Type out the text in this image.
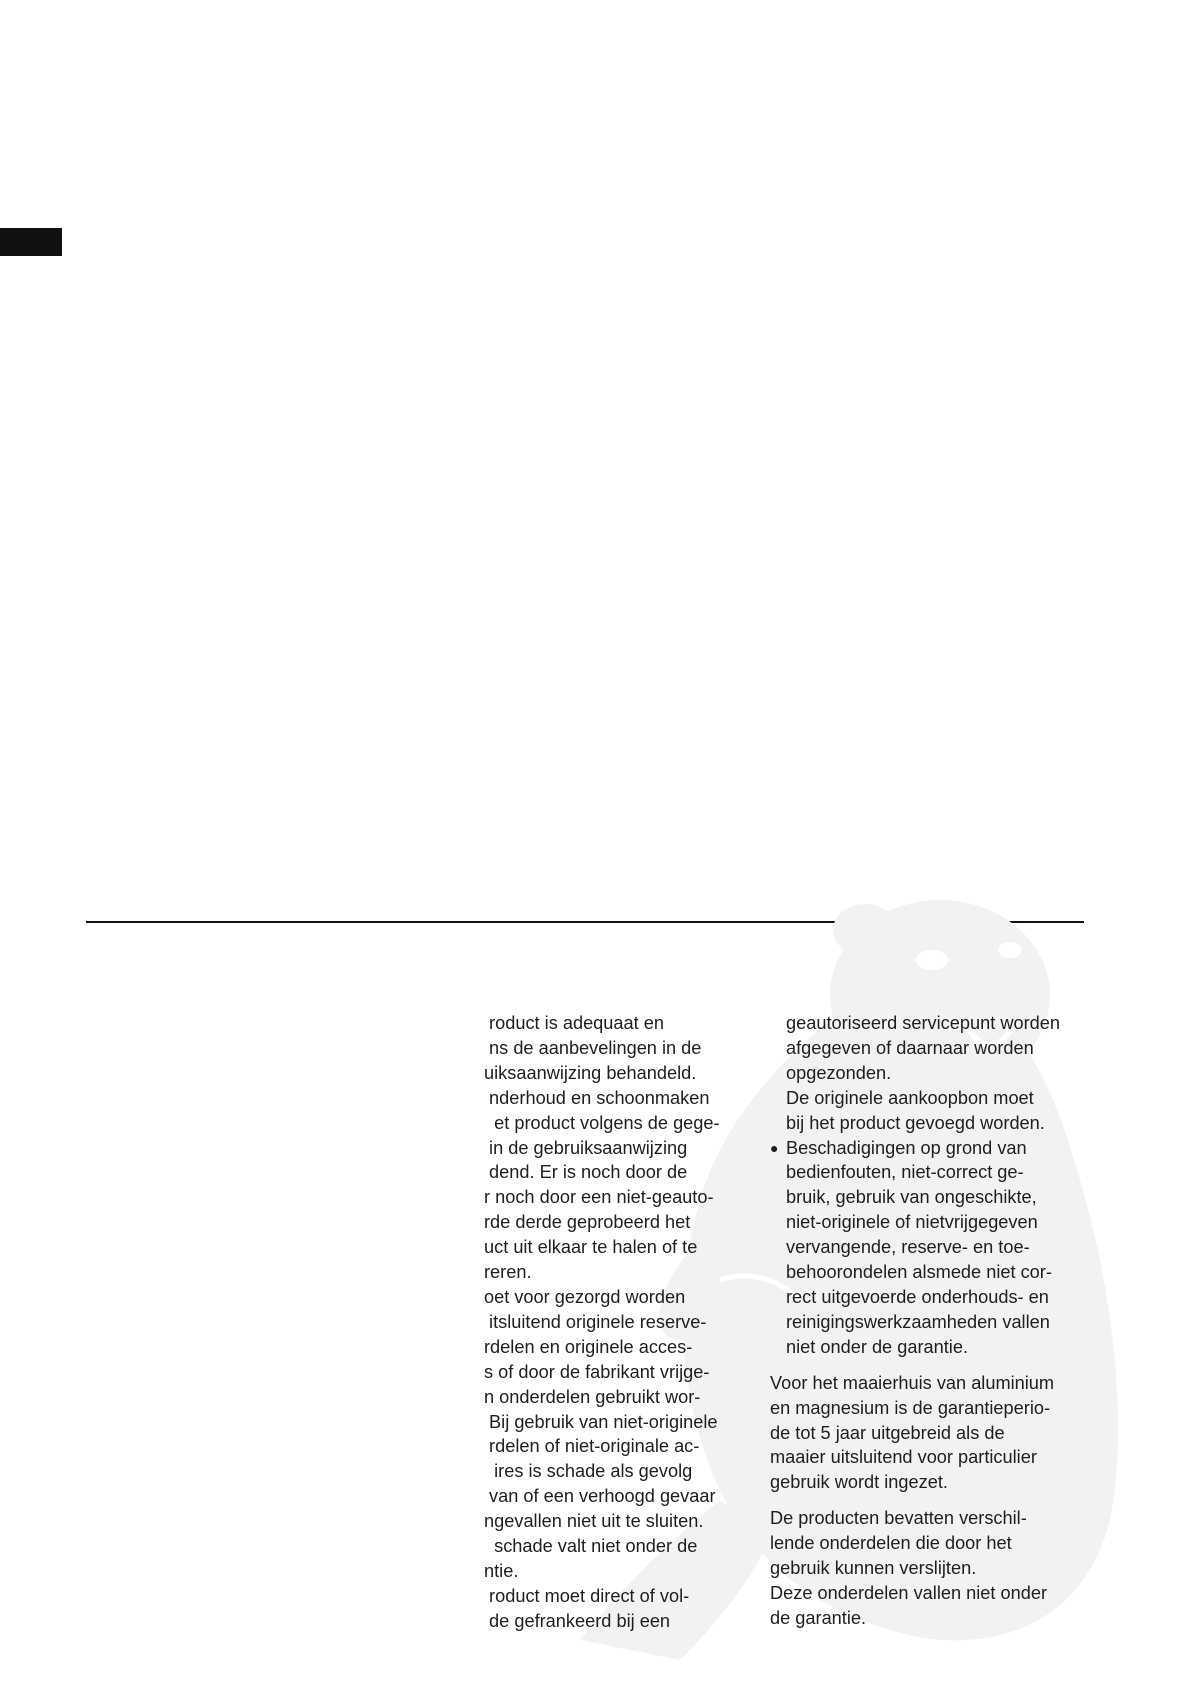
roduct is adequaat en
ns de aanbevelingen in de
uiksaanwijzing behandeld.
nderhoud en schoonmaken
et product volgens de gege-
in de gebruiksaanwijzing
dend. Er is noch door de
r noch door een niet-geauto-
rde derde geprobeerd het
uct uit elkaar te halen of te
reren.
oet voor gezorgd worden
itsluitend originele reserve-
rdelen en originele acces-
s of door de fabrikant vrijge-
n onderdelen gebruikt wor-
Bij gebruik van niet-originele
rdelen of niet-originale ac-
ires is schade als gevolg
van of een verhoogd gevaar
ngevallen niet uit te sluiten.
schade valt niet onder de
ntie.
roduct moet direct of vol-
de gefrankeerd bij een
geautoriseerd servicepunt worden
afgegeven of daarnaar worden
opgezonden.
De originele aankoopbon moet
bij het product gevoegd worden.
● Beschadigingen op grond van
bedienfouten, niet-correct ge-
bruik, gebruik van ongeschikte,
niet-originele of nietvrijgegeven
vervangende, reserve- en toe-
behoorondelen alsmede niet cor-
rect uitgevoerde onderhouds- en
reinigingswerkzaamheden vallen
niet onder de garantie.
Voor het maaierhuis van aluminium
en magnesium is de garantieperio-
de tot 5 jaar uitgebreid als de
maaier uitsluitend voor particulier
gebruik wordt ingezet.
De producten bevatten verschil-
lende onderdelen die door het
gebruik kunnen verslijten.
Deze onderdelen vallen niet onder
de garantie.
